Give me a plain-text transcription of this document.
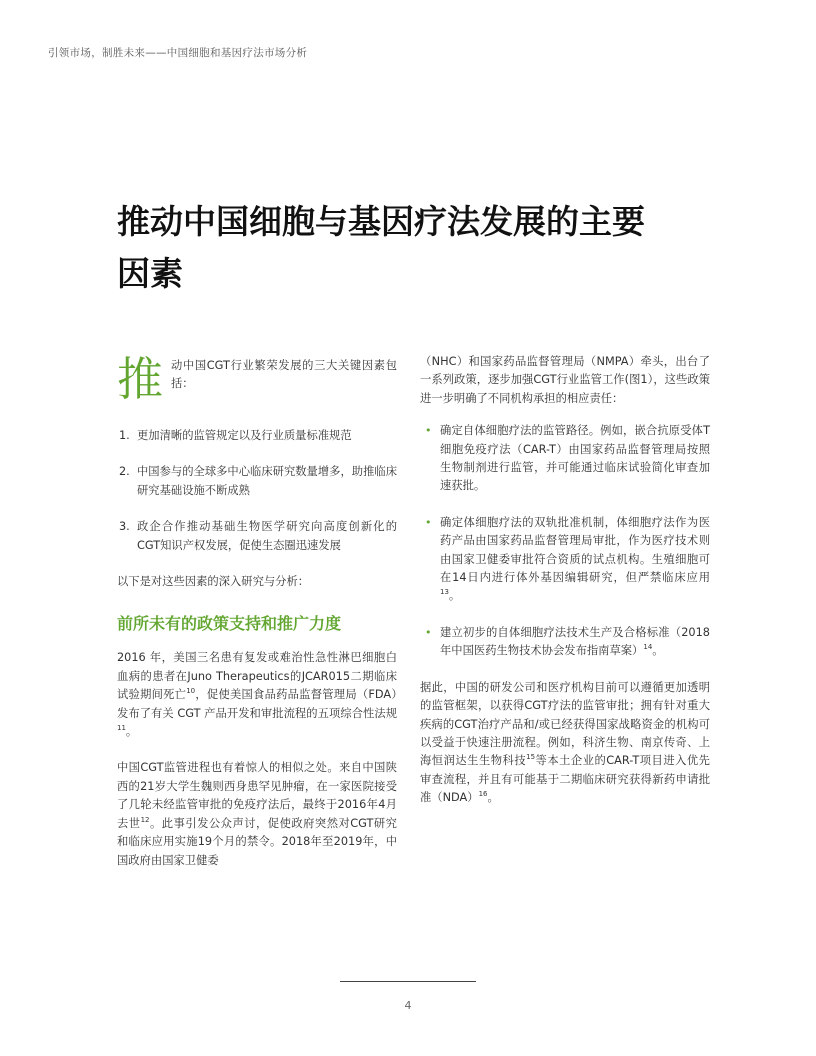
引领市场，制胜未来——中国细胞和基因疗法市场分析
推动中国细胞与基因疗法发展的主要
因素
推 动中国CGT行业繁荣发展的三大关键因素包括：
1. 更加清晰的监管规定以及行业质量标准规范
2. 中国参与的全球多中心临床研究数量增多，助推临床研究基础设施不断成熟
3. 政企合作推动基础生物医学研究向高度创新化的CGT知识产权发展，促使生态圈迅速发展

以下是对这些因素的深入研究与分析：

前所未有的政策支持和推广力度

2016 年，美国三名患有复发或难治性急性淋巴细胞白血病的患者在Juno Therapeutics的JCAR015二期临床试验期间死亡$^{10}$，促使美国食品药品监督管理局（FDA）发布了有关 CGT 产品开发和审批流程的五项综合性法规$^{11}$。

中国CGT监管进程也有着惊人的相似之处。来自中国陕西的21岁大学生魏则西身患罕见肿瘤，在一家医院接受了几轮未经监管审批的免疫疗法后，最终于2016年4月去世$^{12}$。此事引发公众声讨，促使政府突然对CGT研究和临床应用实施19个月的禁令。2018年至2019年，中国政府由国家卫健委

（NHC）和国家药品监督管理局（NMPA）牵头，出台了一系列政策，逐步加强CGT行业监管工作(图1），这些政策进一步明确了不同机构承担的相应责任：

• 确定自体细胞疗法的监管路径。例如，嵌合抗原受体T细胞免疫疗法（CAR-T）由国家药品监督管理局按照生物制剂进行监管，并可能通过临床试验简化审查加速获批。
• 确定体细胞疗法的双轨批准机制，体细胞疗法作为医药产品由国家药品监督管理局审批，作为医疗技术则由国家卫健委审批符合资质的试点机构。生殖细胞可在14日内进行体外基因编辑研究，但严禁临床应用$^{13}$。
• 建立初步的自体细胞疗法技术生产及合格标准（2018年中国医药生物技术协会发布指南草案）$^{14}$。

据此，中国的研发公司和医疗机构目前可以遵循更加透明的监管框架，以获得CGT疗法的监管审批；拥有针对重大疾病的CGT治疗产品和/或已经获得国家战略资金的机构可以受益于快速注册流程。例如，科济生物、南京传奇、上海恒润达生生物科技$^{15}$等本土企业的CAR-T项目进入优先审查流程，并且有可能基于二期临床研究获得新药申请批准（NDA）$^{16}$。

4
